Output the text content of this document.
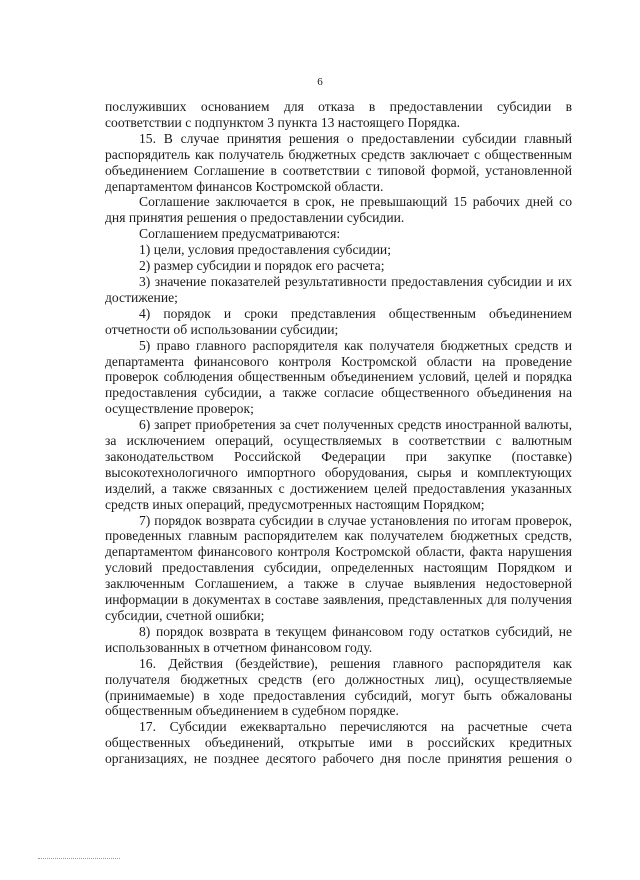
6

послуживших основанием для отказа в предоставлении субсидии в соответствии с подпунктом 3 пункта 13 настоящего Порядка.

15. В случае принятия решения о предоставлении субсидии главный распорядитель как получатель бюджетных средств заключает с общественным объединением Соглашение в соответствии с типовой формой, установленной департаментом финансов Костромской области.

Соглашение заключается в срок, не превышающий 15 рабочих дней со дня принятия решения о предоставлении субсидии.

Соглашением предусматриваются:

1) цели, условия предоставления субсидии;

2) размер субсидии и порядок его расчета;

3) значение показателей результативности предоставления субсидии и их достижение;

4) порядок и сроки представления общественным объединением отчетности об использовании субсидии;

5) право главного распорядителя как получателя бюджетных средств и департамента финансового контроля Костромской области на проведение проверок соблюдения общественным объединением условий, целей и порядка предоставления субсидии, а также согласие общественного объединения на осуществление проверок;

6) запрет приобретения за счет полученных средств иностранной валюты, за исключением операций, осуществляемых в соответствии с валютным законодательством Российской Федерации при закупке (поставке) высокотехнологичного импортного оборудования, сырья и комплектующих изделий, а также связанных с достижением целей предоставления указанных средств иных операций, предусмотренных настоящим Порядком;

7) порядок возврата субсидии в случае установления по итогам проверок, проведенных главным распорядителем как получателем бюджетных средств, департаментом финансового контроля Костромской области, факта нарушения условий предоставления субсидии, определенных настоящим Порядком и заключенным Соглашением, а также в случае выявления недостоверной информации в документах в составе заявления, представленных для получения субсидии, счетной ошибки;

8) порядок возврата в текущем финансовом году остатков субсидий, не использованных в отчетном финансовом году.

16. Действия (бездействие), решения главного распорядителя как получателя бюджетных средств (его должностных лиц), осуществляемые (принимаемые) в ходе предоставления субсидий, могут быть обжалованы общественным объединением в судебном порядке.

17. Субсидии ежеквартально перечисляются на расчетные счета общественных объединений, открытые ими в российских кредитных организациях, не позднее десятого рабочего дня после принятия решения о
